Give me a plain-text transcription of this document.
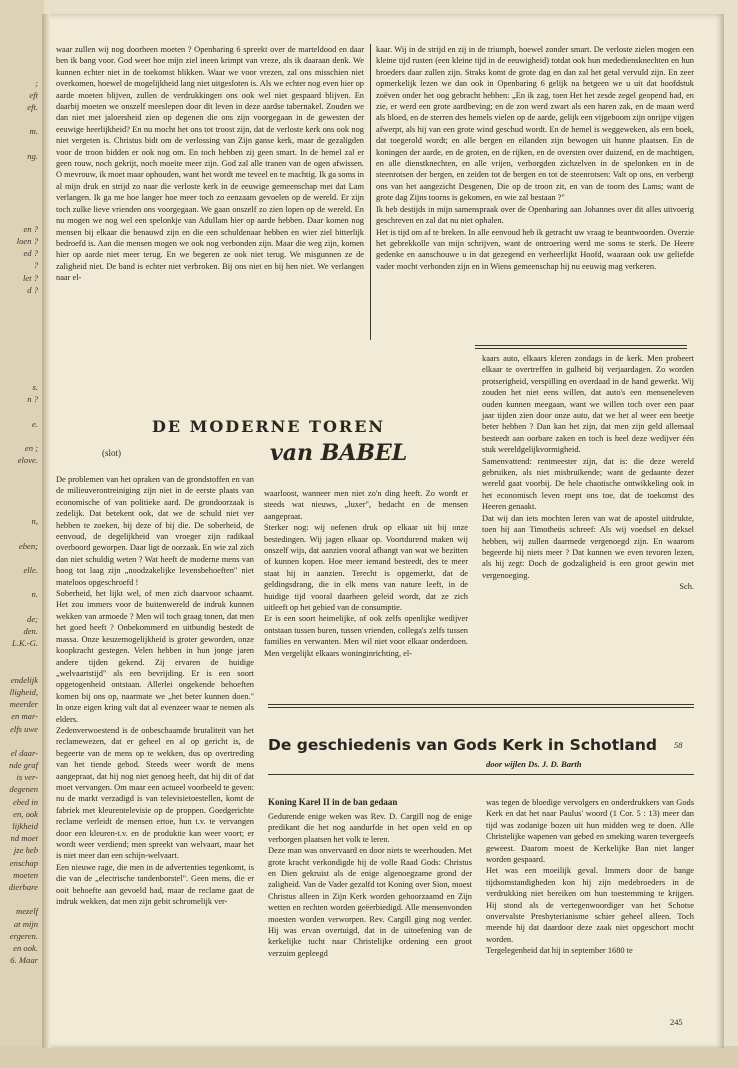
;
eft
eft.
m.
ng.
en ?
loen ?
ed ?
?
let ?
d ?
s.
n ?
e.
en ;
elove.
n,
eben;
elle.
n.
de;
den.
L.K.-G.
endelijk
lligheid,
meerder
en mar-
elfs uwe
el daar-
nde graf
is ver-
degenen
ebed in
en, ook
lijkheid
nd moet
jze heb
enschap
moeten
dierbare
mezelf
at mijn
ergeren.
en ook.
6. Maar

waar zullen wij nog doorheen moeten ? Openbaring 6 spreekt over de marteldood en daar ben ik bang voor. God weet hoe mijn ziel ineen krimpt van vreze, als ik daaraan denk. We kunnen echter niet in de toekomst blikken. Waar we voor vrezen, zal ons misschien niet overkomen, hoewel de mogelijkheid lang niet uitgesloten is. Als we echter nog even hier op aarde moeten blijven, zullen de verdrukkingen ons ook wel niet gespaard blijven. En daarbij moeten we onszelf meeslepen door dit leven in deze aardse tabernakel. Zouden we dan niet met jaloersheid zien op degenen die ons zijn voorgegaan in de gewesten der eeuwige heerlijkheid? En nu mocht het ons tot troost zijn, dat de verloste kerk ons ook nog niet vergeten is. Christus bidt om de verlossing van Zijn ganse kerk, maar de gezaligden voor de troon bidden er ook nog om. En toch hebben zij geen smart. In de hemel zal er geen rouw, noch gekrijt, noch moeite meer zijn. God zal alle tranen van de ogen afwissen. O mevrouw, ik moet maar ophouden, want het wordt me teveel en te machtig. Ik ga soms in al mijn druk en strijd zo naar die verloste kerk in de eeuwige gemeenschap met dat Lam verlangen. Ik ga me hoe langer hoe meer toch zo eenzaam gevoelen op de wereld. Er zijn toch zulke lieve vrienden ons voorgegaan. We gaan onszelf zo zien lopen op de wereld. En nu mogen we nog wel een spelonkje van Adullam hier op aarde hebben. Daar komen nog mensen bij elkaar die benauwd zijn en die een schuldenaar hebben en wier ziel bitterlijk bedroefd is. Aan die mensen mogen we ook nog verbonden zijn. Maar die weg zijn, komen hier op aarde niet meer terug. En we begeren ze ook niet terug. We misgunnen ze de zaligheid niet. De band is echter niet verbroken. Bij ons niet en bij hen niet. We verlangen naar el-

kaar. Wij in de strijd en zij in de triumph, hoewel zonder smart. De verloste zielen mogen een kleine tijd rusten (een kleine tijd in de eeuwigheid) totdat ook hun medediensknechten en hun broeders daar zullen zijn. Straks komt de grote dag en dan zal het getal vervuld zijn. En zeer opmerkelijk lezen we dan ook in Openbaring 6 gelijk na hetgeen we u uit dat hoofdstuk zoëven onder het oog gebracht hebben: „En ik zag, toen Het het zesde zegel geopend had, en zie, er werd een grote aardbeving; en de zon werd zwart als een haren zak, en de maan werd als bloed, en de sterren des hemels vielen op de aarde, gelijk een vijgeboom zijn onrijpe vijgen afwerpt, als hij van een grote wind geschud wordt. En de hemel is weggeweken, als een boek, dat toegerold wordt; en alle bergen en eilanden zijn bewogen uit hunne plaatsen. En de koningen der aarde, en de groten, en de rijken, en de oversten over duizend, en de machtigen, en alle dienstknechten, en alle vrijen, verborgden zichzelven in de spelonken en in de steenrotsen der bergen, en zeiden tot de bergen en tot de steenrotsen: Valt op ons, en verbergt ons van het aangezicht Desgenen, Die op de troon zit, en van de toorn des Lams; want de grote dag Zijns toorns is gekomen, en wie zal bestaan ?"

Ik heb destijds in mijn samenspraak over de Openbaring aan Johannes over dit alles uitvoerig geschreven en zal dat nu niet ophalen.

Het is tijd om af te breken. In alle eenvoud heb ik getracht uw vraag te beantwoorden. Overzie het gebrekkolle van mijn schrijven, want de ontroering werd me soms te sterk. De Heere gedenke en aanschouwe u in dat gezegend en verheerlijkt Hoofd, waaraan ook uw geliefde vader mocht verbonden zijn en in Wiens gemeenschap hij nu eeuwig mag verkeren.

DE MODERNE TOREN
(slot)	van BABEL

De problemen van het opraken van de grondstoffen en van de milieuverontreiniging zijn niet in de eerste plaats van economische of van politieke aard. De grondoorzaak is zedelijk. Dat betekent ook, dat we de schuld niet ver hebben te zoeken, bij deze of bij die. De soberheid, de eenvoud, de degelijkheid van vroeger zijn radikaal overboord geworpen. Daar ligt de oorzaak. En wie zal zich dan niet schuldig weten ? Wat heeft de moderne mens van hoog tot laag zijn „noodzakelijke levensbehoeften" niet mateloos opgeschroefd !

Soberheid, het lijkt wel, of men zich daarvoor schaamt. Het zou immers voor de buitenwereld de indruk kunnen wekken van armoede ? Men wil toch graag tonen, dat men het goed heeft ? Onbekommerd en uitbundig bestedt de massa. Onze keuzemogelijkheid is groter geworden, onze koopkracht gestegen. Velen hebben in hun jonge jaren andere tijden gekend. Zij ervaren de huidige „welvaartstijd" als een bevrijding. Er is een soort opgetogenheid ontstaan. Allerlei ongekende behoeften komen bij ons op, naarmate we „het beter kunnen doen." In onze eigen kring valt dat al evenzeer waar te nemen als elders.

Zedenverwoestend is de onbeschaamde brutaliteit van het reclamewezen, dat er geheel en al op gericht is, de begeerte van de mens op te wekken, dus op overtreding van het tiende gebod. Steeds weer wordt de mens aangepraat, dat hij nog niet genoeg heeft, dat hij dit of dat moet vervangen. Om maar een actueel voorbeeld te geven: nu de markt verzadigd is van televisietoestellen, komt de fabriek met kleurentelevisie op de proppen. Goedgerichte reclame verleidt de mensen ertoe, hun t.v. te vervangen door een kleuren-t.v. en de produktie kan weer voort; er wordt weer verdiend; men spreekt van welvaart, maar het is niet meer dan een schijn-welvaart.

Een nieuwe rage, die men in de advertenties tegenkomt, is die van de „electrische tandenborstel". Geen mens, die er ooit behoefte aan gevoeld had, maar de reclame gaat de indruk wekken, dat men zijn gebit schromelijk ver-

waarloost, wanneer men niet zo'n ding heeft. Zo wordt er steeds wat nieuws, „luxer", bedacht en de mensen aangepraat.

Sterker nog: wij oefenen druk op elkaar uit bij onze bestedingen. Wij jagen elkaar op. Voortdurend maken wij onszelf wijs, dat aanzien vooral afhangt van wat we bezitten of kunnen kopen. Hoe meer iemand besteedt, des te meer staat hij in aanzien. Terecht is opgemerkt, dat de geldingsdrang, die in elk mens van nature leeft, in de huidige tijd vooral daarheen geleid wordt, dat ze zich uitleeft op het gebied van de consumptie.

Er is een soort heimelijke, of ook zelfs openlijke wedijver ontstaan tussen buren, tussen vrienden, collega's zelfs tussen families en verwanten. Men wil niet voor elkaar onderdoen. Men vergelijkt elkaars woninginrichting, el-

kaars auto, elkaars kleren zondags in de kerk. Men probeert elkaar te overtreffen in gulheid bij verjaardagen. Zo worden protserigheid, verspilling en overdaad in de hand gewerkt. Wij zouden het niet eens willen, dat auto's een menseneleven ouden kunnen meegaan, want we willen toch over een paar jaar tijden zien door onze auto, dat we het al weer een beetje beter hebben ? Dan kan het zijn, dat men zijn geld allemaal besteedt aan oorbare zaken en toch is heel deze wedijver één stuk wereldgelijkvormigheid.

Samenvattend: rentmeester zijn, dat is: die deze wereld gebruiken, als niet misbruikende; want de gedaante dezer wereld gaat voorbij. De hele chaotische ontwikkeling ook in het economisch leven roept ons toe, dat de toekomst des Heeren genaakt.

Dat wij dan iets mochten leren van wat de apostel uitdrukte, toen hij aan Timotheüs schreef: Als wij voedsel en deksel hebben, wij zullen daarmede vergenoegd zijn. En waarom begeerde hij niets meer ? Dat kunnen we even tevoren lezen, als hij zegt: Doch de godzaligheid is een groot gewin met vergenoeging.

Sch.

De geschiedenis van Gods Kerk in Schotland 58
door wijlen Ds. J. D. Barth
Koning Karel II in de ban gedaan

Gedurende enige weken was Rev. D. Cargill nog de enige predikant die het nog aandurfde in het open veld en op verborgen plaatsen het volk te leren.

Deze man was onvervaard en door niets te weerhouden. Met grote kracht verkondigde hij de volle Raad Gods: Christus en Dien gekruist als de enige algenoegzame grond der zaligheid. Van de Vader gezalfd tot Koning over Sion, moest Christus alleen in Zijn Kerk worden gehoorzaamd en Zijn wetten en rechten worden geëerbiedigd. Alle mensenvonden moesten worden verworpen. Rev. Cargill ging nog verder. Hij was ervan overtuigd, dat in de uitoefening van de kerkelijke tucht naar Christelijke ordening een groot verzuim gepleegd

was tegen de bloedige vervolgers en onderdrukkers van Gods Kerk en dat het naar Paulus' woord (1 Cor. 5 : 13) meer dan tijd was zodanige bozen uit hun midden weg te doen. Alle Christelijke wapenen van gebed en smeking waren tevergeefs geweest. Daarom moest de Kerkelijke Ban niet langer worden gespaard.

Het was een moeilijk geval. Immers door de bange tijdsomstandigheden kon hij zijn medebroeders in de verdrukking niet bereiken om hun toestemming te krijgen. Hij stond als de vertegenwoordiger van het Schotse onvervalste Presbyterianisme schier geheel alleen. Toch meende hij dat daardoor deze zaak niet opgeschort mocht worden.

Tergelegenheid dat hij in september 1680 te

245
